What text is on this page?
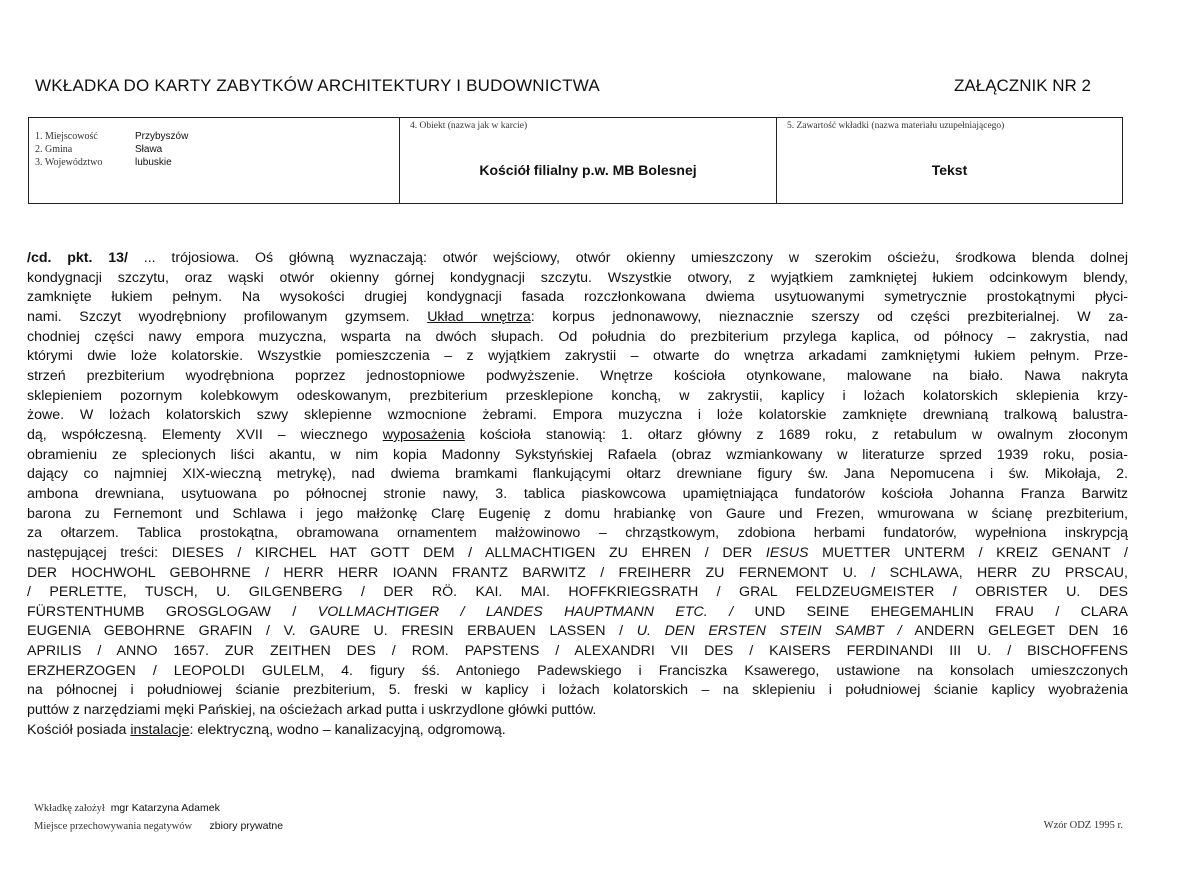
WKŁADKA DO KARTY ZABYTKÓW ARCHITEKTURY I BUDOWNICTWA	ZAŁĄCZNIK NR 2
1. Miejscowość	Przybyszów
2. Gmina	Sława
3. Województwo	lubuskie
4. Obiekt (nazwa jak w karcie)
Kościół filialny p.w. MB Bolesnej
5. Zawartość wkładki (nazwa materiału uzupełniającego)
Tekst
/cd. pkt. 13/ ... trójosiowa. Oś główną wyznaczają: otwór wejściowy, otwór okienny umieszczony w szerokim ościeżu, środkowa blenda dolnej
kondygnacji szczytu, oraz wąski otwór okienny górnej kondygnacji szczytu. Wszystkie otwory, z wyjątkiem zamkniętej łukiem odcinkowym blendy,
zamknięte łukiem pełnym. Na wysokości drugiej kondygnacji fasada rozczłonkowana dwiema usytuowanymi symetrycznie prostokątnymi płyci-
nami. Szczyt wyodrębniony profilowanym gzymsem. Układ wnętrza: korpus jednonawowy, nieznacznie szerszy od części prezbiterialnej. W za-
chodniej części nawy empora muzyczna, wsparta na dwóch słupach. Od południa do prezbiterium przylega kaplica, od północy – zakrystia, nad
którymi dwie loże kolatorskie. Wszystkie pomieszczenia – z wyjątkiem zakrystii – otwarte do wnętrza arkadami zamkniętymi łukiem pełnym. Prze-
strzeń prezbiterium wyodrębniona poprzez jednostopniowe podwyższenie. Wnętrze kościoła otynkowane, malowane na biało. Nawa nakryta
sklepieniem pozornym kolebkowym odeskowanym, prezbiterium przesklepione konchą, w zakrystii, kaplicy i lożach kolatorskich sklepienia krzy-
żowe. W lożach kolatorskich szwy sklepienne wzmocnione żebrami. Empora muzyczna i loże kolatorskie zamknięte drewnianą tralkową balustra-
dą, współczesną. Elementy XVII – wiecznego wyposażenia kościoła stanowią: 1. ołtarz główny z 1689 roku, z retabulum w owalnym złoconym
obramieniu ze splecionych liści akantu, w nim kopia Madonny Sykstyńskiej Rafaela (obraz wzmiankowany w literaturze sprzed 1939 roku, posia-
dający co najmniej XIX-wieczną metrykę), nad dwiema bramkami flankującymi ołtarz drewniane figury św. Jana Nepomucena i św. Mikołaja, 2.
ambona drewniana, usytuowana po północnej stronie nawy, 3. tablica piaskowcowa upamiętniająca fundatorów kościoła Johanna Franza Barwitz
barona zu Fernemont und Schlawa i jego małżonkę Clarę Eugenię z domu hrabiankę von Gaure und Frezen, wmurowana w ścianę prezbiterium,
za ołtarzem. Tablica prostokątna, obramowana ornamentem małżowinowo – chrząstkowym, zdobiona herbami fundatorów, wypełniona inskrypcją
następującej treści: DIESES / KIRCHEL HAT GOTT DEM / ALLMACHTIGEN ZU EHREN / DER IESUS MUETTER UNTERM / KREIZ GENANT /
DER HOCHWOHL GEBOHRNE / HERR HERR IOANN FRANTZ BARWITZ / FREIHERR ZU FERNEMONT U. / SCHLAWA, HERR ZU PRSCAU,
/ PERLETTE, TUSCH, U. GILGENBERG / DER RÖ. KAI. MAI. HOFFKRIEGSRATH / GRAL FELDZEUGMEISTER / OBRISTER U. DES
FÜRSTENTHUMB GROSGLOGAW / VOLLMACHTIGER / LANDES HAUPTMANN ETC. / UND SEINE EHEGEMAHLIN FRAU / CLARA
EUGENIA GEBOHRNE GRAFIN / V. GAURE U. FRESIN ERBAUEN LASSEN / U. DEN ERSTEN STEIN SAMBT / ANDERN GELEGET DEN 16
APRILIS / ANNO 1657. ZUR ZEITHEN DES / ROM. PAPSTENS / ALEXANDRI VII DES / KAISERS FERDINANDI III U. / BISCHOFFENS
ERZHERZOGEN / LEOPOLDI GULELM, 4. figury śś. Antoniego Padewskiego i Franciszka Ksawerego, ustawione na konsolach umieszczonych
na północnej i południowej ścianie prezbiterium, 5. freski w kaplicy i lożach kolatorskich – na sklepieniu i południowej ścianie kaplicy wyobrażenia
puttów z narzędziami męki Pańskiej, na ościeżach arkad putta i uskrzydlone główki puttów.
Kościół posiada instalacje: elektryczną, wodno – kanalizacyjną, odgromową.
Wkładkę założył mgr Katarzyna Adamek
Miejsce przechowywania negatywów zbiory prywatne	Wzór ODZ 1995 r.
